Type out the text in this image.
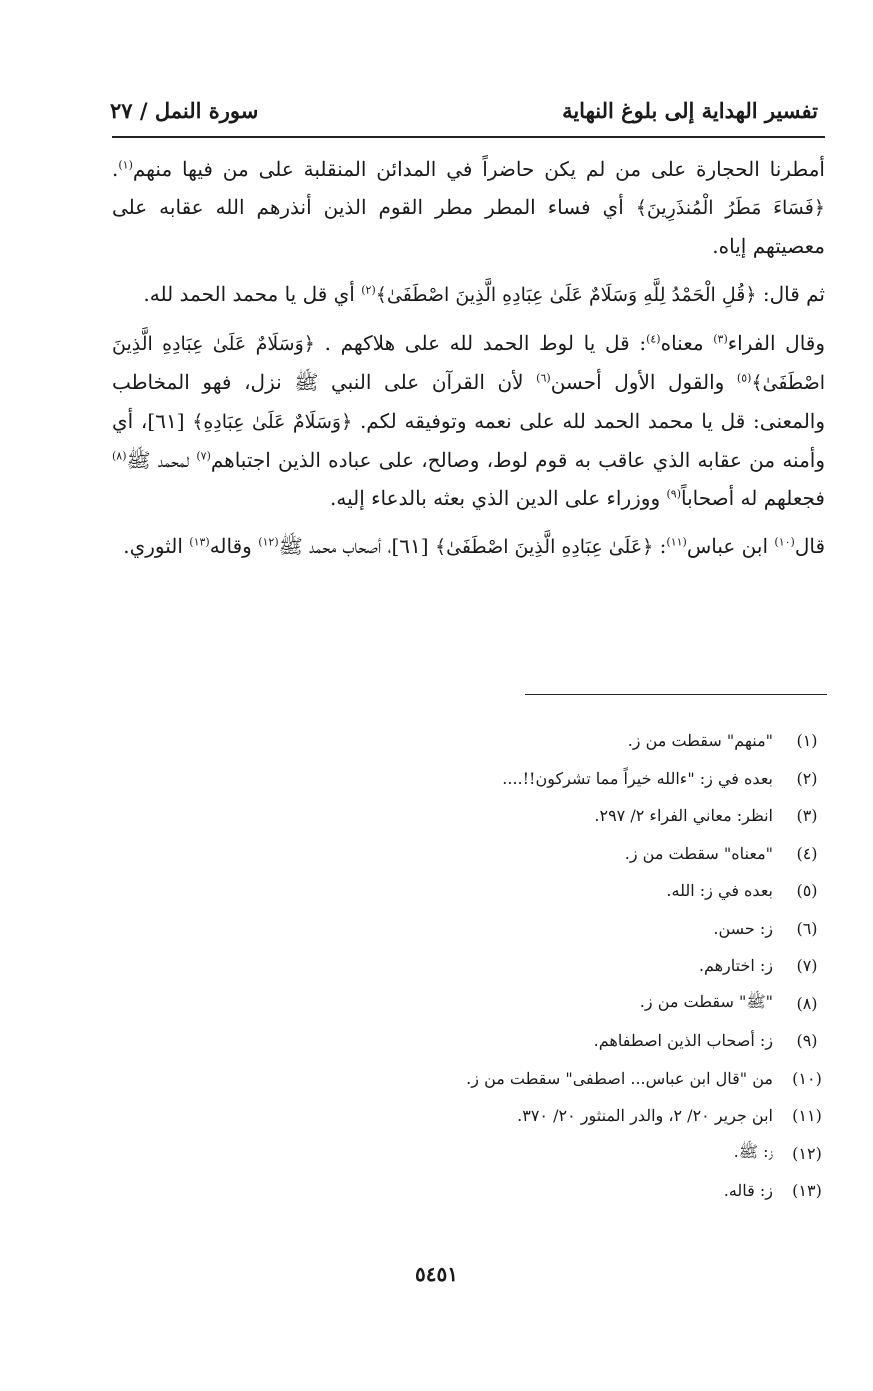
تفسير الهداية إلى بلوغ النهاية
سورة النمل / ٢٧

أمطرنا الحجارة على من لم يكن حاضراً في المدائن المنقلبة على من فيها منهم$^{(١)}$. ﴿فَسَاءَ مَطَرُ الْمُنذَرِينَ﴾ أي فساء المطر مطر القوم الذين أنذرهم الله عقابه على معصيتهم إياه.

ثم قال: ﴿قُلِ الْحَمْدُ لِلَّهِ وَسَلَامٌ عَلَىٰ عِبَادِهِ الَّذِينَ اصْطَفَىٰ﴾$^{(٢)}$ أي قل يا محمد الحمد لله.

وقال الفراء$^{(٣)}$ معناه$^{(٤)}$: قل يا لوط الحمد لله على هلاكهم . ﴿وَسَلَامٌ عَلَىٰ عِبَادِهِ الَّذِينَ اصْطَفَىٰ﴾$^{(٥)}$ والقول الأول أحسن$^{(٦)}$ لأن القرآن على النبي ﷺ نزل، فهو المخاطب والمعنى: قل يا محمد الحمد لله على نعمه وتوفيقه لكم. ﴿وَسَلَامٌ عَلَىٰ عِبَادِهِ﴾ [٦١]، أي وأمنه من عقابه الذي عاقب به قوم لوط، وصالح، على عباده الذين اجتباهم$^{(٧)}$ لمحمد ﷺ$^{(٨)}$ فجعلهم له أصحاباً$^{(٩)}$ ووزراء على الدين الذي بعثه بالدعاء إليه.

قال$^{(١٠)}$ ابن عباس$^{(١١)}$: ﴿عَلَىٰ عِبَادِهِ الَّذِينَ اصْطَفَىٰ﴾ [٦١]، أصحاب محمد ﷺ$^{(١٢)}$ وقاله$^{(١٣)}$ الثوري.

(١)
"منهم" سقطت من ز.
(٢)
بعده في ز: "ءالله خيراً مما تشركون!!....
(٣)
انظر: معاني الفراء ٢/ ٢٩٧.
(٤)
"معناه" سقطت من ز.
(٥)
بعده في ز: الله.
(٦)
ز: حسن.
(٧)
ز: اختارهم.
(٨)
"ﷺ" سقطت من ز.
(٩)
ز: أصحاب الذين اصطفاهم.
(١٠)
من "قال ابن عباس... اصطفى" سقطت من ز.
(١١)
ابن جرير ٢٠/ ٢، والدر المنثور ٢٠/ ٣٧٠.
(١٢)
ز: ﷺ.
(١٣)
ز: قاله.
٥٤٥١
